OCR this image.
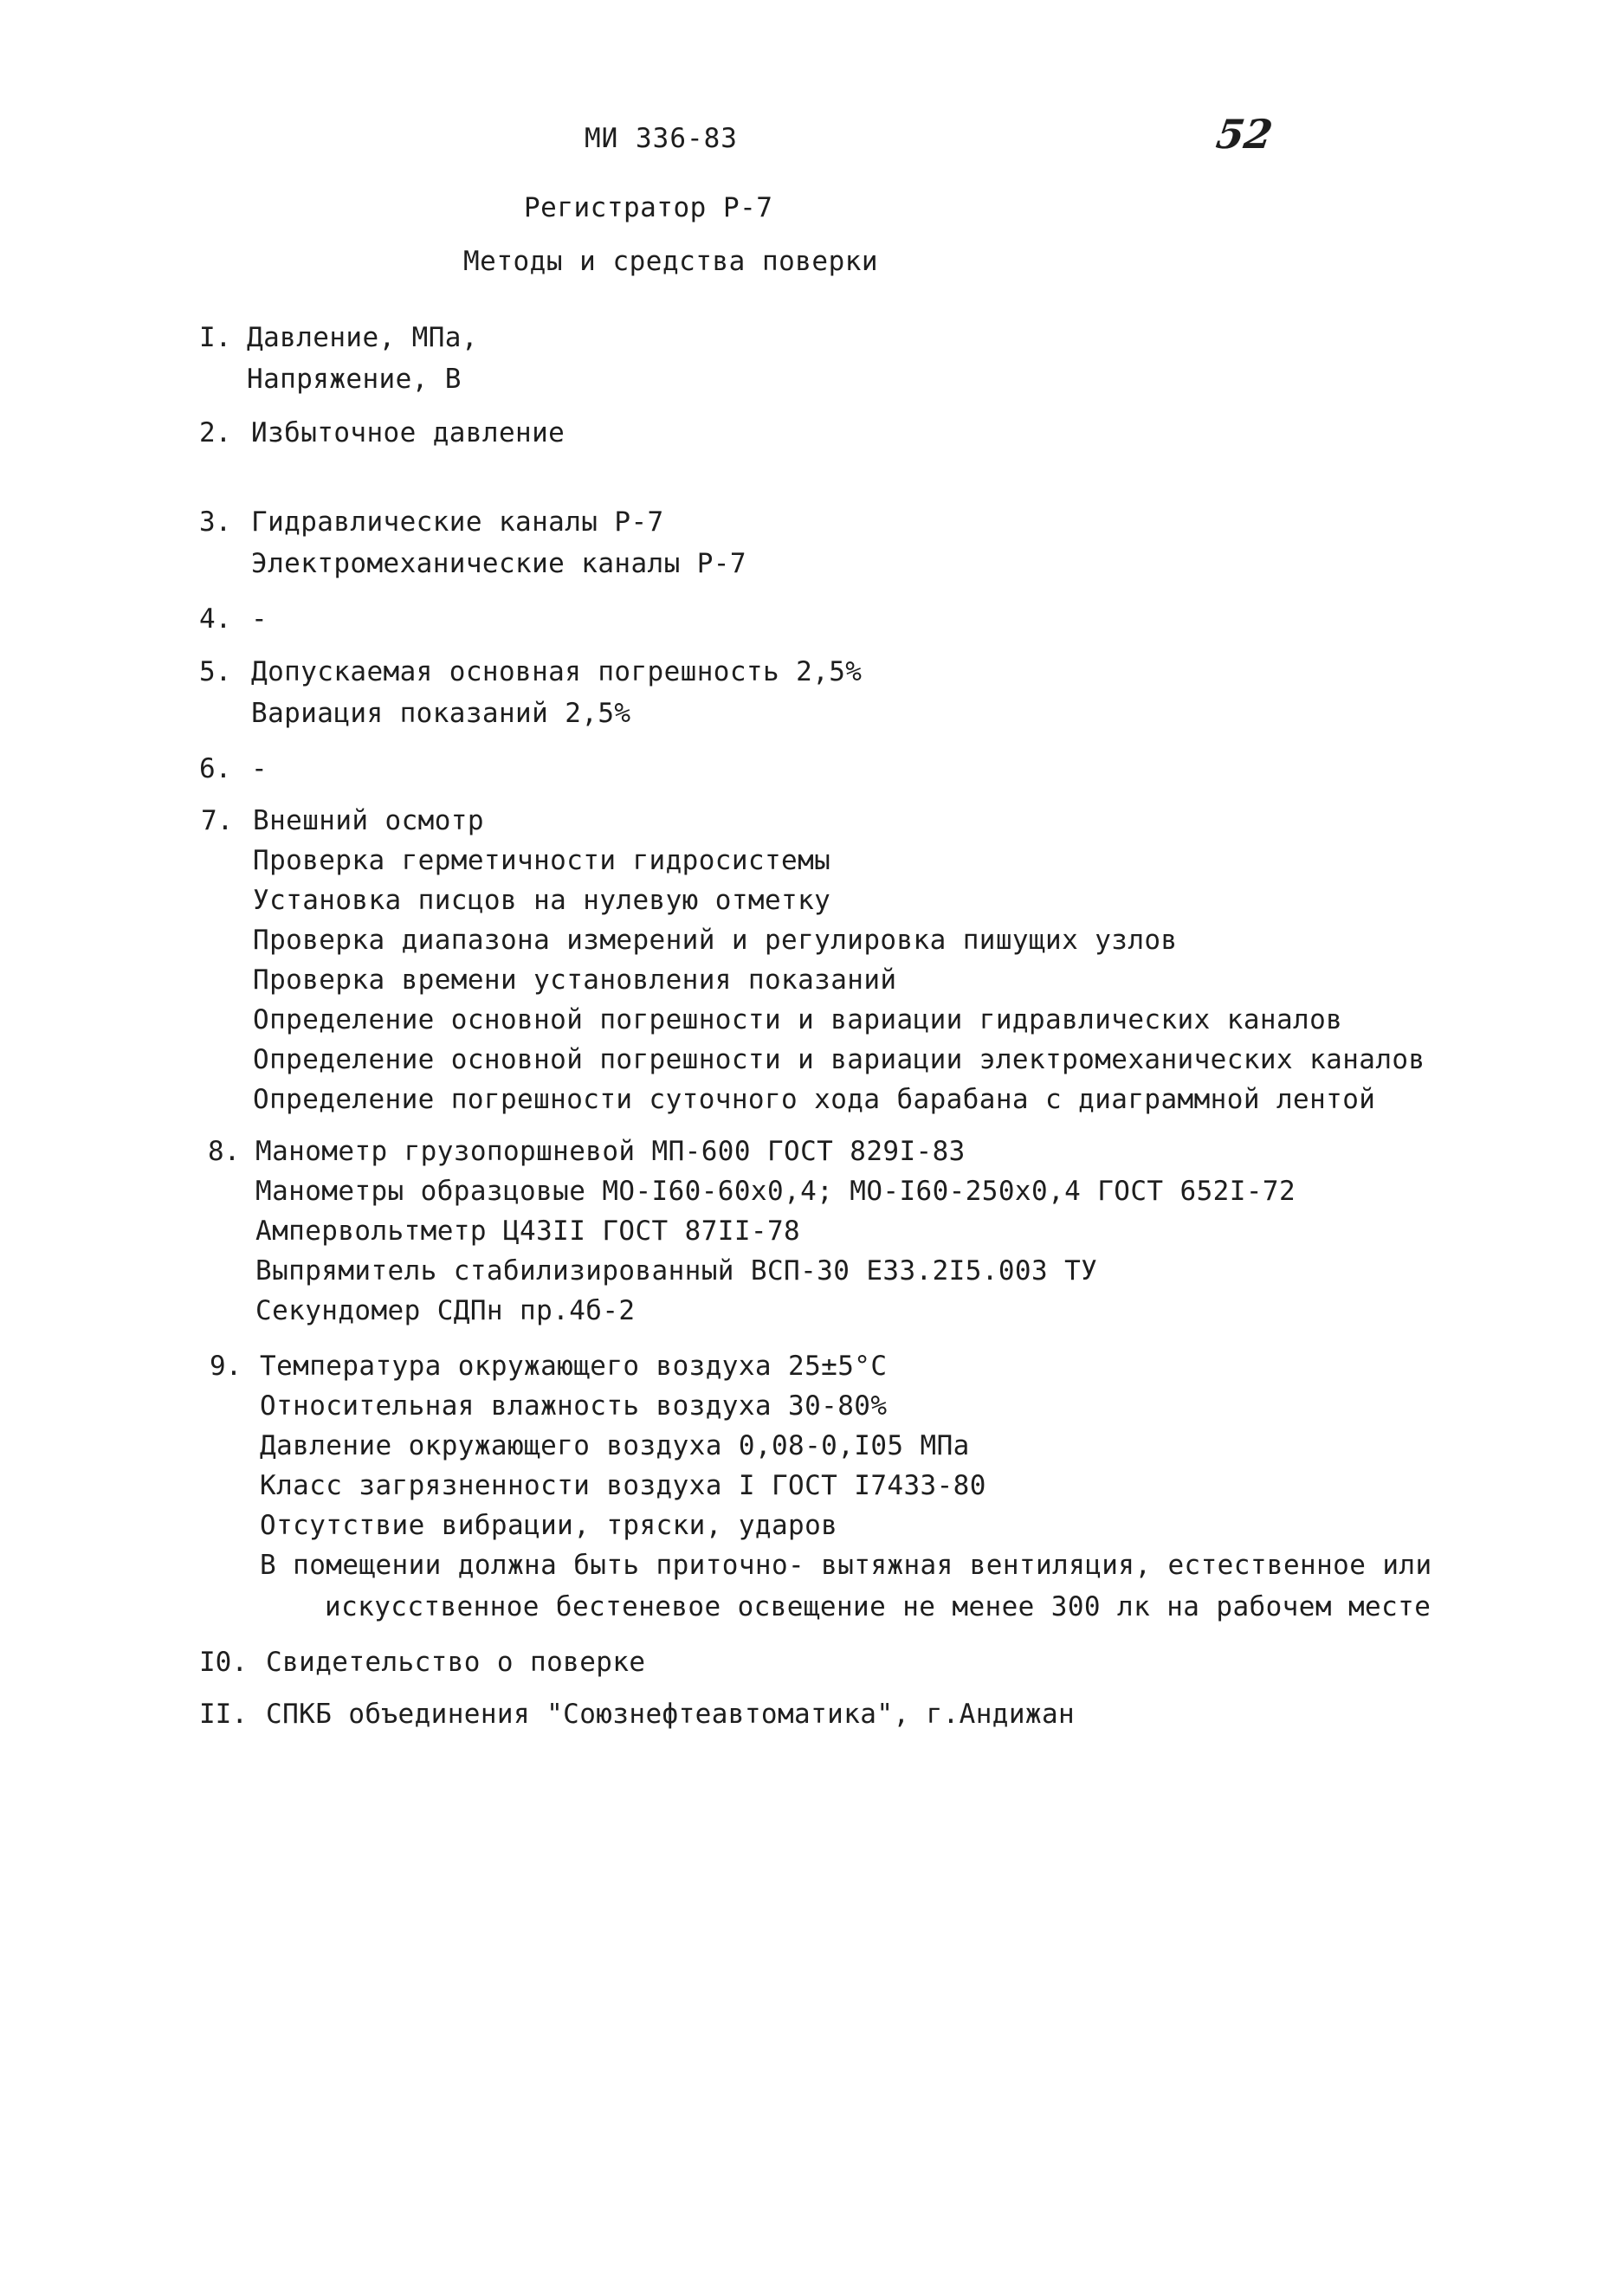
МИ 336-83	52
Регистратор Р-7
Методы и средства поверки
I. Давление, МПа,
Напряжение, В
2. Избыточное давление
3. Гидравлические каналы Р-7
Электромеханические каналы Р-7
4. -
5. Допускаемая основная погрешность 2,5%
Вариация показаний 2,5%
6. -
7. Внешний осмотр
Проверка герметичности гидросистемы
Установка писцов на нулевую отметку
Проверка диапазона измерений и регулировка пишущих узлов
Проверка времени установления показаний
Определение основной погрешности и вариации гидравлических каналов
Определение основной погрешности и вариации электромеханических каналов
Определение погрешности суточного хода барабана с диаграммной лентой
8. Манометр грузопоршневой МП-600 ГОСТ 829I-83
Манометры образцовые МО-I60-60х0,4; МО-I60-250х0,4 ГОСТ 652I-72
Ампервольтметр Ц43II ГОСТ 87II-78
Выпрямитель стабилизированный ВСП-30 ЕЗЗ.2I5.003 ТУ
Секундомер СДПн пр.4б-2
9. Температура окружающего воздуха 25±5°С
Относительная влажность воздуха 30-80%
Давление окружающего воздуха 0,08-0,I05 МПа
Класс загрязненности воздуха I ГОСТ I7433-80
Отсутствие вибрации, тряски, ударов
В помещении должна быть приточно- вытяжная вентиляция, естественное или
искусственное бестеневое освещение не менее 300 лк на рабочем месте
I0. Свидетельство о поверке
II. СПКБ объединения "Союзнефтеавтоматика", г.Андижан
